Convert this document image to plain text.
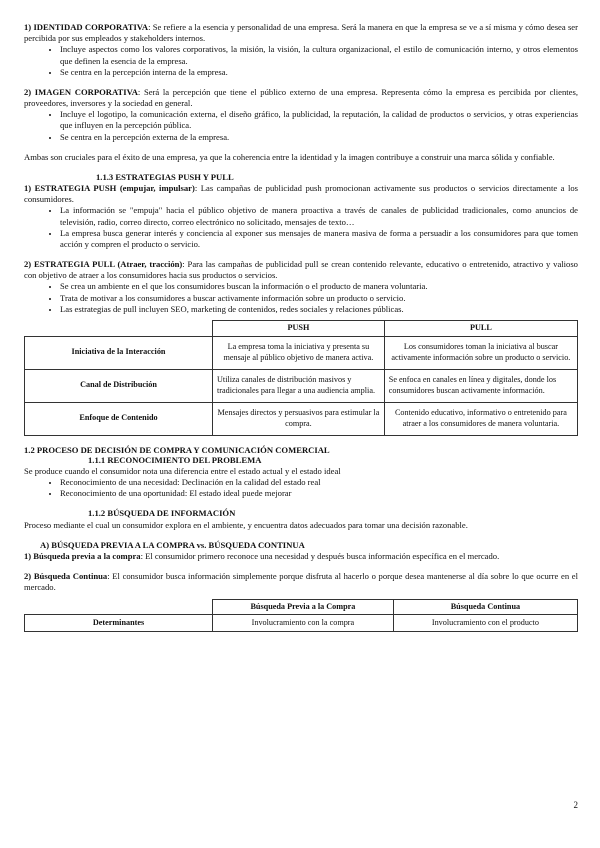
1) IDENTIDAD CORPORATIVA: Se refiere a la esencia y personalidad de una empresa. Será la manera en que la empresa se ve a sí misma y cómo desea ser percibida por sus empleados y stakeholders internos.

• Incluye aspectos como los valores corporativos, la misión, la visión, la cultura organizacional, el estilo de comunicación interno, y otros elementos que definen la esencia de la empresa.
• Se centra en la percepción interna de la empresa.

2) IMAGEN CORPORATIVA: Será la percepción que tiene el público externo de una empresa. Representa cómo la empresa es percibida por clientes, proveedores, inversores y la sociedad en general.

• Incluye el logotipo, la comunicación externa, el diseño gráfico, la publicidad, la reputación, la calidad de productos o servicios, y otras experiencias que influyen en la percepción pública.
• Se centra en la percepción externa de la empresa.

Ambas son cruciales para el éxito de una empresa, ya que la coherencia entre la identidad y la imagen contribuye a construir una marca sólida y confiable.

1.1.3 ESTRATEGIAS PUSH Y PULL

1) ESTRATEGIA PUSH (empujar, impulsar): Las campañas de publicidad push promocionan activamente sus productos o servicios directamente a los consumidores.

• La información se "empuja" hacia el público objetivo de manera proactiva a través de canales de publicidad tradicionales, como anuncios de televisión, radio, correo directo, correo electrónico no solicitado, mensajes de texto…
• La empresa busca generar interés y conciencia al exponer sus mensajes de manera masiva de forma a persuadir a los consumidores para que tomen acción y compren el producto o servicio.

2) ESTRATEGIA PULL (Atraer, tracción): Para las campañas de publicidad pull se crean contenido relevante, educativo o entretenido, atractivo y valioso con objetivo de atraer a los consumidores hacia sus productos o servicios.

• Se crea un ambiente en el que los consumidores buscan la información o el producto de manera voluntaria.
• Trata de motivar a los consumidores a buscar activamente información sobre un producto o servicio.
• Las estrategias de pull incluyen SEO, marketing de contenidos, redes sociales y relaciones públicas.
	PUSH	PULL
Iniciativa de la Interacción	La empresa toma la iniciativa y presenta su mensaje al público objetivo de manera activa.	Los consumidores toman la iniciativa al buscar activamente información sobre un producto o servicio.
Canal de Distribución	Utiliza canales de distribución masivos y tradicionales para llegar a una audiencia amplia.	Se enfoca en canales en línea y digitales, donde los consumidores buscan activamente información.
Enfoque de Contenido	Mensajes directos y persuasivos para estimular la compra.	Contenido educativo, informativo o entretenido para atraer a los consumidores de manera voluntaria.
1.2 PROCESO DE DECISIÓN DE COMPRA Y COMUNICACIÓN COMERCIAL
1.1.1 RECONOCIMIENTO DEL PROBLEMA

Se produce cuando el consumidor nota una diferencia entre el estado actual y el estado ideal

• Reconocimiento de una necesidad: Declinación en la calidad del estado real
• Reconocimiento de una oportunidad: El estado ideal puede mejorar
1.1.2 BÚSQUEDA DE INFORMACIÓN

Proceso mediante el cual un consumidor explora en el ambiente, y encuentra datos adecuados para tomar una decisión razonable.

A) BÚSQUEDA PREVIA A LA COMPRA vs. BÚSQUEDA CONTINUA

1) Búsqueda previa a la compra: El consumidor primero reconoce una necesidad y después busca información específica en el mercado.

2) Búsqueda Continua: El consumidor busca información simplemente porque disfruta al hacerlo o porque desea mantenerse al día sobre lo que ocurre en el mercado.

	Búsqueda Previa a la Compra	Búsqueda Continua
Determinantes	Involucramiento con la compra	Involucramiento con el producto
2
